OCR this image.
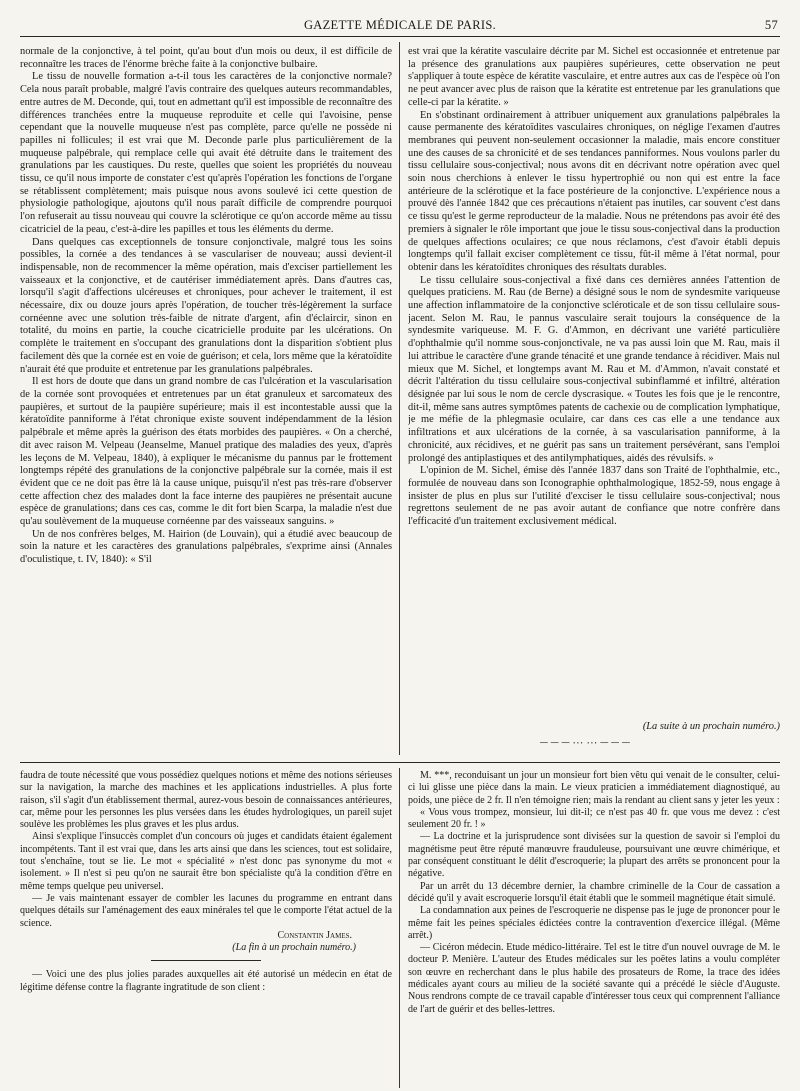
GAZETTE MÉDICALE DE PARIS.	57

normale de la conjonctive, à tel point, qu'au bout d'un mois ou deux, il est difficile de reconnaître les traces de l'énorme brèche faite à la conjonctive bulbaire.

Le tissu de nouvelle formation a-t-il tous les caractères de la conjonctive normale? Cela nous paraît probable, malgré l'avis contraire des quelques auteurs recommandables, entre autres de M. Deconde, qui, tout en admettant qu'il est impossible de reconnaître des différences tranchées entre la muqueuse reproduite et celle qui l'avoisine, pense cependant que la nouvelle muqueuse n'est pas complète, parce qu'elle ne possède ni papilles ni follicules; il est vrai que M. Deconde parle plus particulièrement de la muqueuse palpébrale, qui remplace celle qui avait été détruite dans le traitement des granulations par les caustiques. Du reste, quelles que soient les propriétés du nouveau tissu, ce qu'il nous importe de constater c'est qu'après l'opération les fonctions de l'organe se rétablissent complètement; mais puisque nous avons soulevé ici cette question de physiologie pathologique, ajoutons qu'il nous paraît difficile de comprendre pourquoi l'on refuserait au tissu nouveau qui couvre la sclérotique ce qu'on accorde même au tissu cicatriciel de la peau, c'est-à-dire les papilles et tous les éléments du derme.

Dans quelques cas exceptionnels de tonsure conjonctivale, malgré tous les soins possibles, la cornée a des tendances à se vasculariser de nouveau; aussi devient-il indispensable, non de recommencer la même opération, mais d'exciser partiellement les vaisseaux et la conjonctive, et de cautériser immédiatement après. Dans d'autres cas, lorsqu'il s'agit d'affections ulcéreuses et chroniques, pour achever le traitement, il est nécessaire, dix ou douze jours après l'opération, de toucher très-légèrement la surface cornéenne avec une solution très-faible de nitrate d'argent, afin d'éclaircir, sinon en totalité, du moins en partie, la couche cicatricielle produite par les ulcérations. On complète le traitement en s'occupant des granulations dont la disparition s'obtient plus facilement dès que la cornée est en voie de guérison; et cela, lors même que la kératoïdite n'aurait été que produite et entretenue par les granulations palpébrales.

Il est hors de doute que dans un grand nombre de cas l'ulcération et la vascularisation de la cornée sont provoquées et entretenues par un état granuleux et sarcomateux des paupières, et surtout de la paupière supérieure; mais il est incontestable aussi que la kératoïdite panniforme à l'état chronique existe souvent indépendamment de la lésion palpébrale et même après la guérison des états morbides des paupières. « On a cherché, dit avec raison M. Velpeau (Jeanselme, Manuel pratique des maladies des yeux, d'après les leçons de M. Velpeau, 1840), à expliquer le mécanisme du pannus par le frottement longtemps répété des granulations de la conjonctive palpébrale sur la cornée, mais il est évident que ce ne doit pas être là la cause unique, puisqu'il n'est pas très-rare d'observer cette affection chez des malades dont la face interne des paupières ne présentait aucune espèce de granulations; dans ces cas, comme le dit fort bien Scarpa, la maladie n'est due qu'au soulèvement de la muqueuse cornéenne par des vaisseaux sanguins. »

Un de nos confrères belges, M. Hairion (de Louvain), qui a étudié avec beaucoup de soin la nature et les caractères des granulations palpébrales, s'exprime ainsi (Annales d'oculistique, t. IV, 1840): « S'il

est vrai que la kératite vasculaire décrite par M. Sichel est occasionnée et entretenue par la présence des granulations aux paupières supérieures, cette observation ne peut s'appliquer à toute espèce de kératite vasculaire, et entre autres aux cas de l'espèce où l'on ne peut avancer avec plus de raison que la kératite est entretenue par les granulations que celle-ci par la kératite. »

En s'obstinant ordinairement à attribuer uniquement aux granulations palpébrales la cause permanente des kératoïdites vasculaires chroniques, on néglige l'examen d'autres membranes qui peuvent non-seulement occasionner la maladie, mais encore constituer une des causes de sa chronicité et de ses tendances panniformes. Nous voulons parler du tissu cellulaire sous-conjectival; nous avons dit en décrivant notre opération avec quel soin nous cherchions à enlever le tissu hypertrophié ou non qui est entre la face antérieure de la sclérotique et la face postérieure de la conjonctive. L'expérience nous a prouvé dès l'année 1842 que ces précautions n'étaient pas inutiles, car souvent c'est dans ce tissu qu'est le germe reproducteur de la maladie. Nous ne prétendons pas avoir été des premiers à signaler le rôle important que joue le tissu sous-conjectival dans la production de quelques affections oculaires; ce que nous réclamons, c'est d'avoir établi depuis longtemps qu'il fallait exciser complètement ce tissu, fût-il même à l'état normal, pour obtenir dans les kératoïdites chroniques des résultats durables.

Le tissu cellulaire sous-conjectival a fixé dans ces dernières années l'attention de quelques praticiens. M. Rau (de Berne) a désigné sous le nom de syndesmite variqueuse une affection inflammatoire de la conjonctive scléroticale et de son tissu cellulaire sous-jacent. Selon M. Rau, le pannus vasculaire serait toujours la conséquence de la syndesmite variqueuse. M. F. G. d'Ammon, en décrivant une variété particulière d'ophthalmie qu'il nomme sous-conjonctivale, ne va pas aussi loin que M. Rau, mais il lui attribue le caractère d'une grande ténacité et une grande tendance à récidiver. Mais nul mieux que M. Sichel, et longtemps avant M. Rau et M. d'Ammon, n'avait constaté et décrit l'altération du tissu cellulaire sous-conjectival subinflammé et infiltré, altération désignée par lui sous le nom de cercle dyscrasique. « Toutes les fois que je le rencontre, dit-il, même sans autres symptômes patents de cachexie ou de complication lymphatique, je me méfie de la phlegmasie oculaire, car dans ces cas elle a une tendance aux infiltrations et aux ulcérations de la cornée, à sa vascularisation panniforme, à la chronicité, aux récidives, et ne guérit pas sans un traitement persévérant, sans l'emploi prolongé des antiplastiques et des antilymphatiques, aidés des révulsifs. »

L'opinion de M. Sichel, émise dès l'année 1837 dans son Traité de l'ophthalmie, etc., formulée de nouveau dans son Iconographie ophthalmologique, 1852-59, nous engage à insister de plus en plus sur l'utilité d'exciser le tissu cellulaire sous-conjectival; nous regrettons seulement de ne pas avoir autant de confiance que notre confrère dans l'efficacité d'un traitement exclusivement médical.

(La suite à un prochain numéro.)
───⋯⋯───

faudra de toute nécessité que vous possédiez quelques notions et même des notions sérieuses sur la navigation, la marche des machines et les applications industrielles. A plus forte raison, s'il s'agit d'un établissement thermal, aurez-vous besoin de connaissances antérieures, car, même pour les personnes les plus versées dans les études hydrologiques, un pareil sujet soulève les problèmes les plus graves et les plus ardus.

Ainsi s'explique l'insuccès complet d'un concours où juges et candidats étaient également incompétents. Tant il est vrai que, dans les arts ainsi que dans les sciences, tout est solidaire, tout s'enchaîne, tout se lie. Le mot « spécialité » n'est donc pas synonyme du mot « isolement. » Il n'est si peu qu'on ne saurait être bon spécialiste qu'à la condition d'être en même temps quelque peu universel.

— Je vais maintenant essayer de combler les lacunes du programme en entrant dans quelques détails sur l'aménagement des eaux minérales tel que le comporte l'état actuel de la science.

Constantin James.

(La fin à un prochain numéro.)

— Voici une des plus jolies parades auxquelles ait été autorisé un médecin en état de légitime défense contre la flagrante ingratitude de son client :

M. ***, reconduisant un jour un monsieur fort bien vêtu qui venait de le consulter, celui-ci lui glisse une pièce dans la main. Le vieux praticien a immédiatement diagnostiqué, au poids, une pièce de 2 fr. Il n'en témoigne rien; mais la rendant au client sans y jeter les yeux :

« Vous vous trompez, monsieur, lui dit-il; ce n'est pas 40 fr. que vous me devez : c'est seulement 20 fr. ! »

— La doctrine et la jurisprudence sont divisées sur la question de savoir si l'emploi du magnétisme peut être réputé manœuvre frauduleuse, poursuivant une œuvre chimérique, et par conséquent constituant le délit d'escroquerie; la plupart des arrêts se prononcent pour la négative.

Par un arrêt du 13 décembre dernier, la chambre criminelle de la Cour de cassation a décidé qu'il y avait escroquerie lorsqu'il était établi que le sommeil magnétique était simulé.

La condamnation aux peines de l'escroquerie ne dispense pas le juge de prononcer pour le même fait les peines spéciales édictées contre la contravention d'exercice illégal. (Même arrêt.)

— Cicéron médecin. Etude médico-littéraire. Tel est le titre d'un nouvel ouvrage de M. le docteur P. Menière. L'auteur des Etudes médicales sur les poëtes latins a voulu compléter son œuvre en recherchant dans le plus habile des prosateurs de Rome, la trace des idées médicales ayant cours au milieu de la société savante qui a précédé le siècle d'Auguste. Nous rendrons compte de ce travail capable d'intéresser tous ceux qui comprennent l'alliance de l'art de guérir et des belles-lettres.
